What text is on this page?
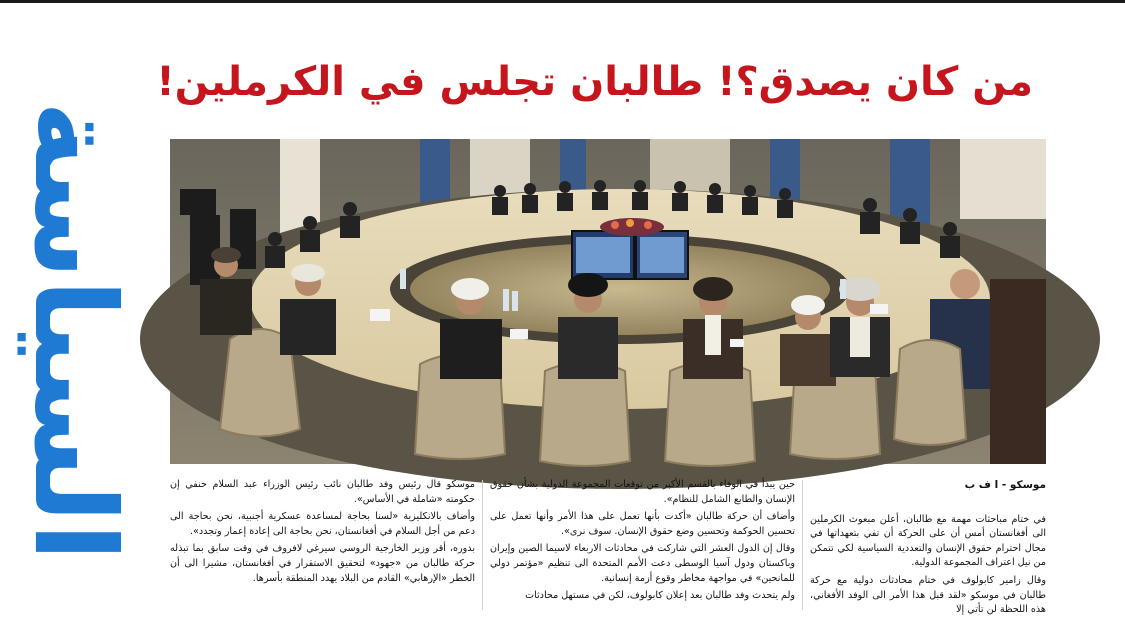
السياسة
من كان يصدق؟! طالبان تجلس في الكرملين!

موسكو - ا ف ب

في ختام مباحثات مهمة مع طالبان، أعلن مبعوث الكرملين الى أفغانستان أمس أن على الحركة أن تفي بتعهداتها في مجال احترام حقوق الإنسان والتعددية السياسية لكي تتمكن من نيل اعتراف المجموعة الدولية.

وقال زامير كابولوف في ختام محادثات دولية مع حركة طالبان في موسكو «لقد قبل هذا الأمر الى الوفد الأفغاني، هذه اللحظة لن تأتي إلا

حين يبدأ في الوفاء بالقسم الأكبر من توقعات المجموعة الدولية بشأن حقوق الإنسان والطابع الشامل للنظام».

وأضاف أن حركة طالبان «أكدت بأنها تعمل على هذا الأمر وأنها تعمل على تحسين الحوكمة وتحسين وضع حقوق الإنسان. سوف نرى».

وقال إن الدول العشر التي شاركت في محادثات الاربعاء لاسيما الصين وإيران وباكستان ودول آسيا الوسطى دعت الأمم المتحدة الى تنظيم «مؤتمر دولي للمانحين» في مواجهة مخاطر وقوع أزمة إنسانية.

ولم يتحدث وفد طالبان بعد إعلان كابولوف، لكن في مستهل محادثات

موسكو قال رئيس وفد طالبان نائب رئيس الوزراء عبد السلام حنفي إن حكومته «شاملة في الأساس».

وأضاف بالانكليزية «لسنا بحاجة لمساعدة عسكرية أجنبية، نحن بحاجة الى دعم من أجل السلام في أفغانستان، نحن بحاجة الى إعادة إعمار وتجدد».

بدوره، أقر وزير الخارجية الروسي سيرغي لافروف في وقت سابق بما تبذله حركة طالبان من «جهود» لتحقيق الاستقرار في أفغانستان، مشيرا الى أن الخطر «الإرهابي» القادم من البلاد يهدد المنطقة بأسرها.
